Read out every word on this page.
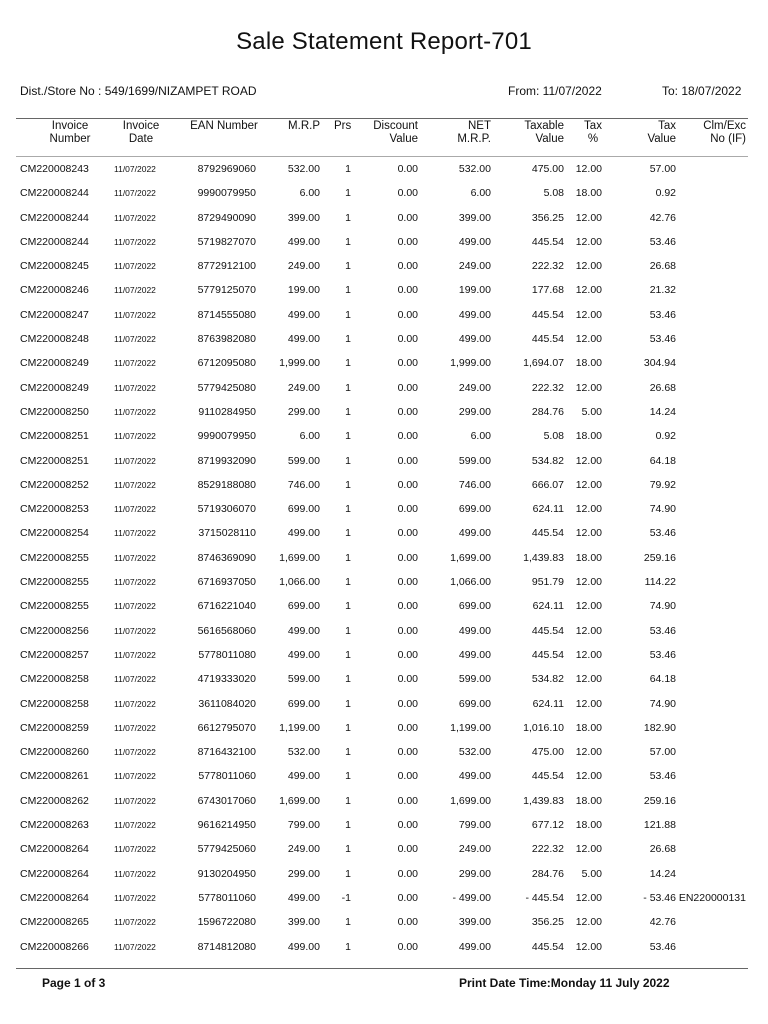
Sale Statement Report-701
Dist./Store No : 549/1699/NIZAMPET ROAD	From: 11/07/2022	To: 18/07/2022
Invoice
Number
Invoice
Date
EAN Number	M.R.P Prs Discount
Value
NET
M.R.P.
Taxable
Value
Tax
%
Tax
Value
Clm/Exc
No (IF)
CM220008243	11/07/2022	8792969060	532.00 1	0.00	532.00	475.00 12.00	57.00
CM220008244	11/07/2022	9990079950	6.00 1	0.00	6.00	5.08 18.00	0.92
CM220008244	11/07/2022	8729490090	399.00 1	0.00	399.00	356.25 12.00	42.76
CM220008244	11/07/2022	5719827070	499.00 1	0.00	499.00	445.54 12.00	53.46
CM220008245	11/07/2022	8772912100	249.00 1	0.00	249.00	222.32 12.00	26.68
CM220008246	11/07/2022	5779125070	199.00 1	0.00	199.00	177.68 12.00	21.32
CM220008247	11/07/2022	8714555080	499.00 1	0.00	499.00	445.54 12.00	53.46
CM220008248	11/07/2022	8763982080	499.00 1	0.00	499.00	445.54 12.00	53.46
CM220008249	11/07/2022	6712095080 1,999.00 1	0.00	1,999.00	1,694.07 18.00	304.94
CM220008249	11/07/2022	5779425080	249.00 1	0.00	249.00	222.32 12.00	26.68
CM220008250	11/07/2022	9110284950	299.00 1	0.00	299.00	284.76 5.00	14.24
CM220008251	11/07/2022	9990079950	6.00 1	0.00	6.00	5.08 18.00	0.92
CM220008251	11/07/2022	8719932090	599.00 1	0.00	599.00	534.82 12.00	64.18
CM220008252	11/07/2022	8529188080	746.00 1	0.00	746.00	666.07 12.00	79.92
CM220008253	11/07/2022	5719306070	699.00 1	0.00	699.00	624.11 12.00	74.90
CM220008254	11/07/2022	3715028110	499.00 1	0.00	499.00	445.54 12.00	53.46
CM220008255	11/07/2022	8746369090 1,699.00 1	0.00	1,699.00	1,439.83 18.00	259.16
CM220008255	11/07/2022	6716937050 1,066.00 1	0.00	1,066.00	951.79 12.00	114.22
CM220008255	11/07/2022	6716221040	699.00 1	0.00	699.00	624.11 12.00	74.90
CM220008256	11/07/2022	5616568060	499.00 1	0.00	499.00	445.54 12.00	53.46
CM220008257	11/07/2022	5778011080	499.00 1	0.00	499.00	445.54 12.00	53.46
CM220008258	11/07/2022	4719333020	599.00 1	0.00	599.00	534.82 12.00	64.18
CM220008258	11/07/2022	3611084020	699.00 1	0.00	699.00	624.11 12.00	74.90
CM220008259	11/07/2022	6612795070 1,199.00 1	0.00	1,199.00	1,016.10 18.00	182.90
CM220008260	11/07/2022	8716432100	532.00 1	0.00	532.00	475.00 12.00	57.00
CM220008261	11/07/2022	5778011060	499.00 1	0.00	499.00	445.54 12.00	53.46
CM220008262	11/07/2022	6743017060 1,699.00 1	0.00	1,699.00	1,439.83 18.00	259.16
CM220008263	11/07/2022	9616214950	799.00 1	0.00	799.00	677.12 18.00	121.88
CM220008264	11/07/2022	5779425060	249.00 1	0.00	249.00	222.32 12.00	26.68
CM220008264	11/07/2022	9130204950	299.00 1	0.00	299.00	284.76 5.00	14.24
CM220008264	11/07/2022	5778011060	499.00 -1	0.00	- 499.00	- 445.54 12.00	- 53.46 EN220000131
CM220008265	11/07/2022	1596722080	399.00 1	0.00	399.00	356.25 12.00	42.76
CM220008266	11/07/2022	8714812080	499.00 1	0.00	499.00	445.54 12.00	53.46
Page 1 of 3	Print Date Time:Monday 11 July 2022
